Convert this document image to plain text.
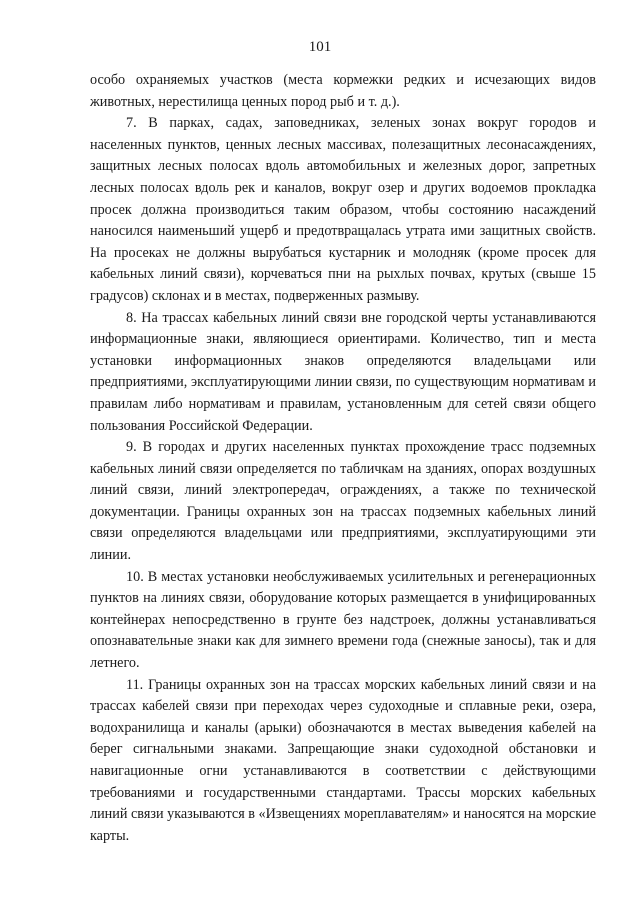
101

особо охраняемых участков (места кормежки редких и исчезающих видов животных, нерестилища ценных пород рыб и т. д.).

7. В парках, садах, заповедниках, зеленых зонах вокруг городов и населенных пунктов, ценных лесных массивах, полезащитных лесонасаждениях, защитных лесных полосах вдоль автомобильных и железных дорог, запретных лесных полосах вдоль рек и каналов, вокруг озер и других водоемов прокладка просек должна производиться таким образом, чтобы состоянию насаждений наносился наименьший ущерб и предотвращалась утрата ими защитных свойств. На просеках не должны вырубаться кустарник и молодняк (кроме просек для кабельных линий связи), корчеваться пни на рыхлых почвах, крутых (свыше 15 градусов) склонах и в местах, подверженных размыву.

8. На трассах кабельных линий связи вне городской черты устанавливаются информационные знаки, являющиеся ориентирами. Количество, тип и места установки информационных знаков определяются владельцами или предприятиями, эксплуатирующими линии связи, по существующим нормативам и правилам либо нормативам и правилам, установленным для сетей связи общего пользования Российской Федерации.

9. В городах и других населенных пунктах прохождение трасс подземных кабельных линий связи определяется по табличкам на зданиях, опорах воздушных линий связи, линий электропередач, ограждениях, а также по технической документации. Границы охранных зон на трассах подземных кабельных линий связи определяются владельцами или предприятиями, эксплуатирующими эти линии.

10. В местах установки необслуживаемых усилительных и регенерационных пунктов на линиях связи, оборудование которых размещается в унифицированных контейнерах непосредственно в грунте без надстроек, должны устанавливаться опознавательные знаки как для зимнего времени года (снежные заносы), так и для летнего.

11. Границы охранных зон на трассах морских кабельных линий связи и на трассах кабелей связи при переходах через судоходные и сплавные реки, озера, водохранилища и каналы (арыки) обозначаются в местах выведения кабелей на берег сигнальными знаками. Запрещающие знаки судоходной обстановки и навигационные огни устанавливаются в соответствии с действующими требованиями и государственными стандартами. Трассы морских кабельных линий связи указываются в «Извещениях мореплавателям» и наносятся на морские карты.
